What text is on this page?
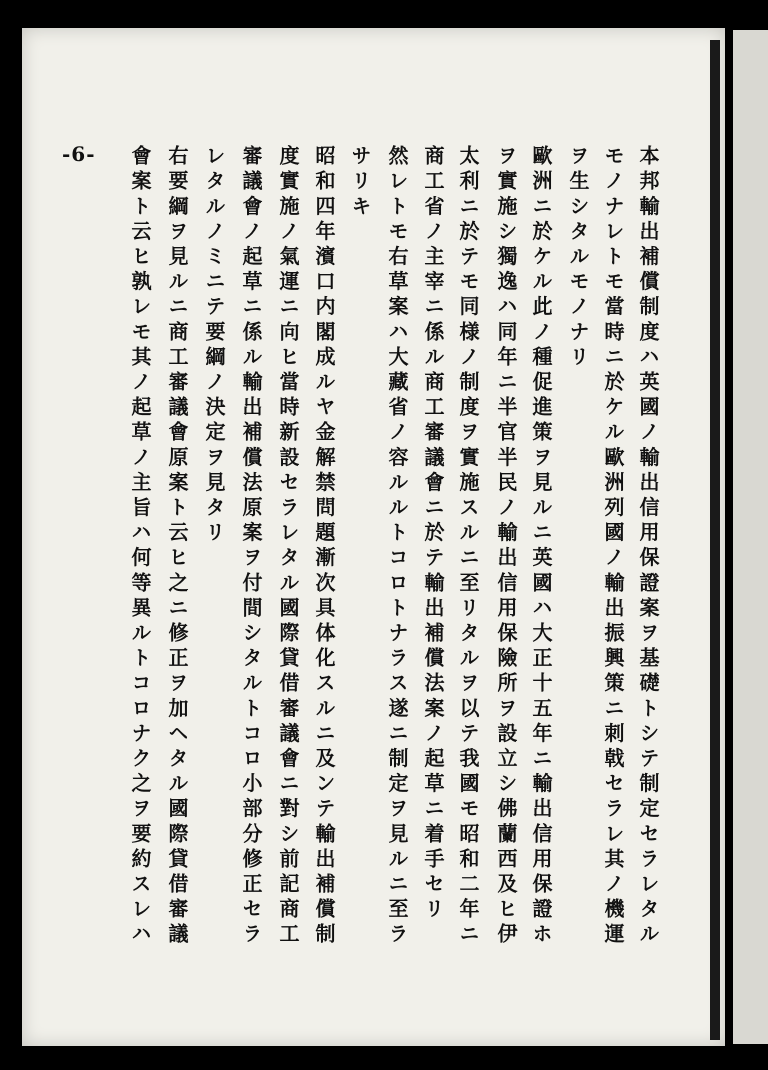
本邦輸出補償制度ハ英國ノ輸出信用保證案ヲ基礎トシテ制定セラレタル
モノナレトモ當時ニ於ケル歐洲列國ノ輸出振興策ニ刺戟セラレ其ノ機運
ヲ生シタルモノナリ
歐洲ニ於ケル此ノ種促進策ヲ見ルニ英國ハ大正十五年ニ輸出信用保證ホ
ヲ實施シ獨逸ハ同年ニ半官半民ノ輸出信用保險所ヲ設立シ佛蘭西及ヒ伊
太利ニ於テモ同様ノ制度ヲ實施スルニ至リタルヲ以テ我國モ昭和二年ニ
商工省ノ主宰ニ係ル商工審議會ニ於テ輸出補償法案ノ起草ニ着手セリ
然レトモ右草案ハ大藏省ノ容ルルトコロトナラス遂ニ制定ヲ見ルニ至ラ
サリキ
昭和四年濱口内閣成ルヤ金解禁問題漸次具体化スルニ及ンテ輸出補償制
度實施ノ氣運ニ向ヒ當時新設セラレタル國際貸借審議會ニ對シ前記商工
審議會ノ起草ニ係ル輸出補償法原案ヲ付間シタルトコロ小部分修正セラ
レタルノミニテ要綱ノ決定ヲ見タリ
右要綱ヲ見ルニ商工審議會原案ト云ヒ之ニ修正ヲ加ヘタル國際貸借審議
會案ト云ヒ孰レモ其ノ起草ノ主旨ハ何等異ルトコロナク之ヲ要約スレハ
-6-
